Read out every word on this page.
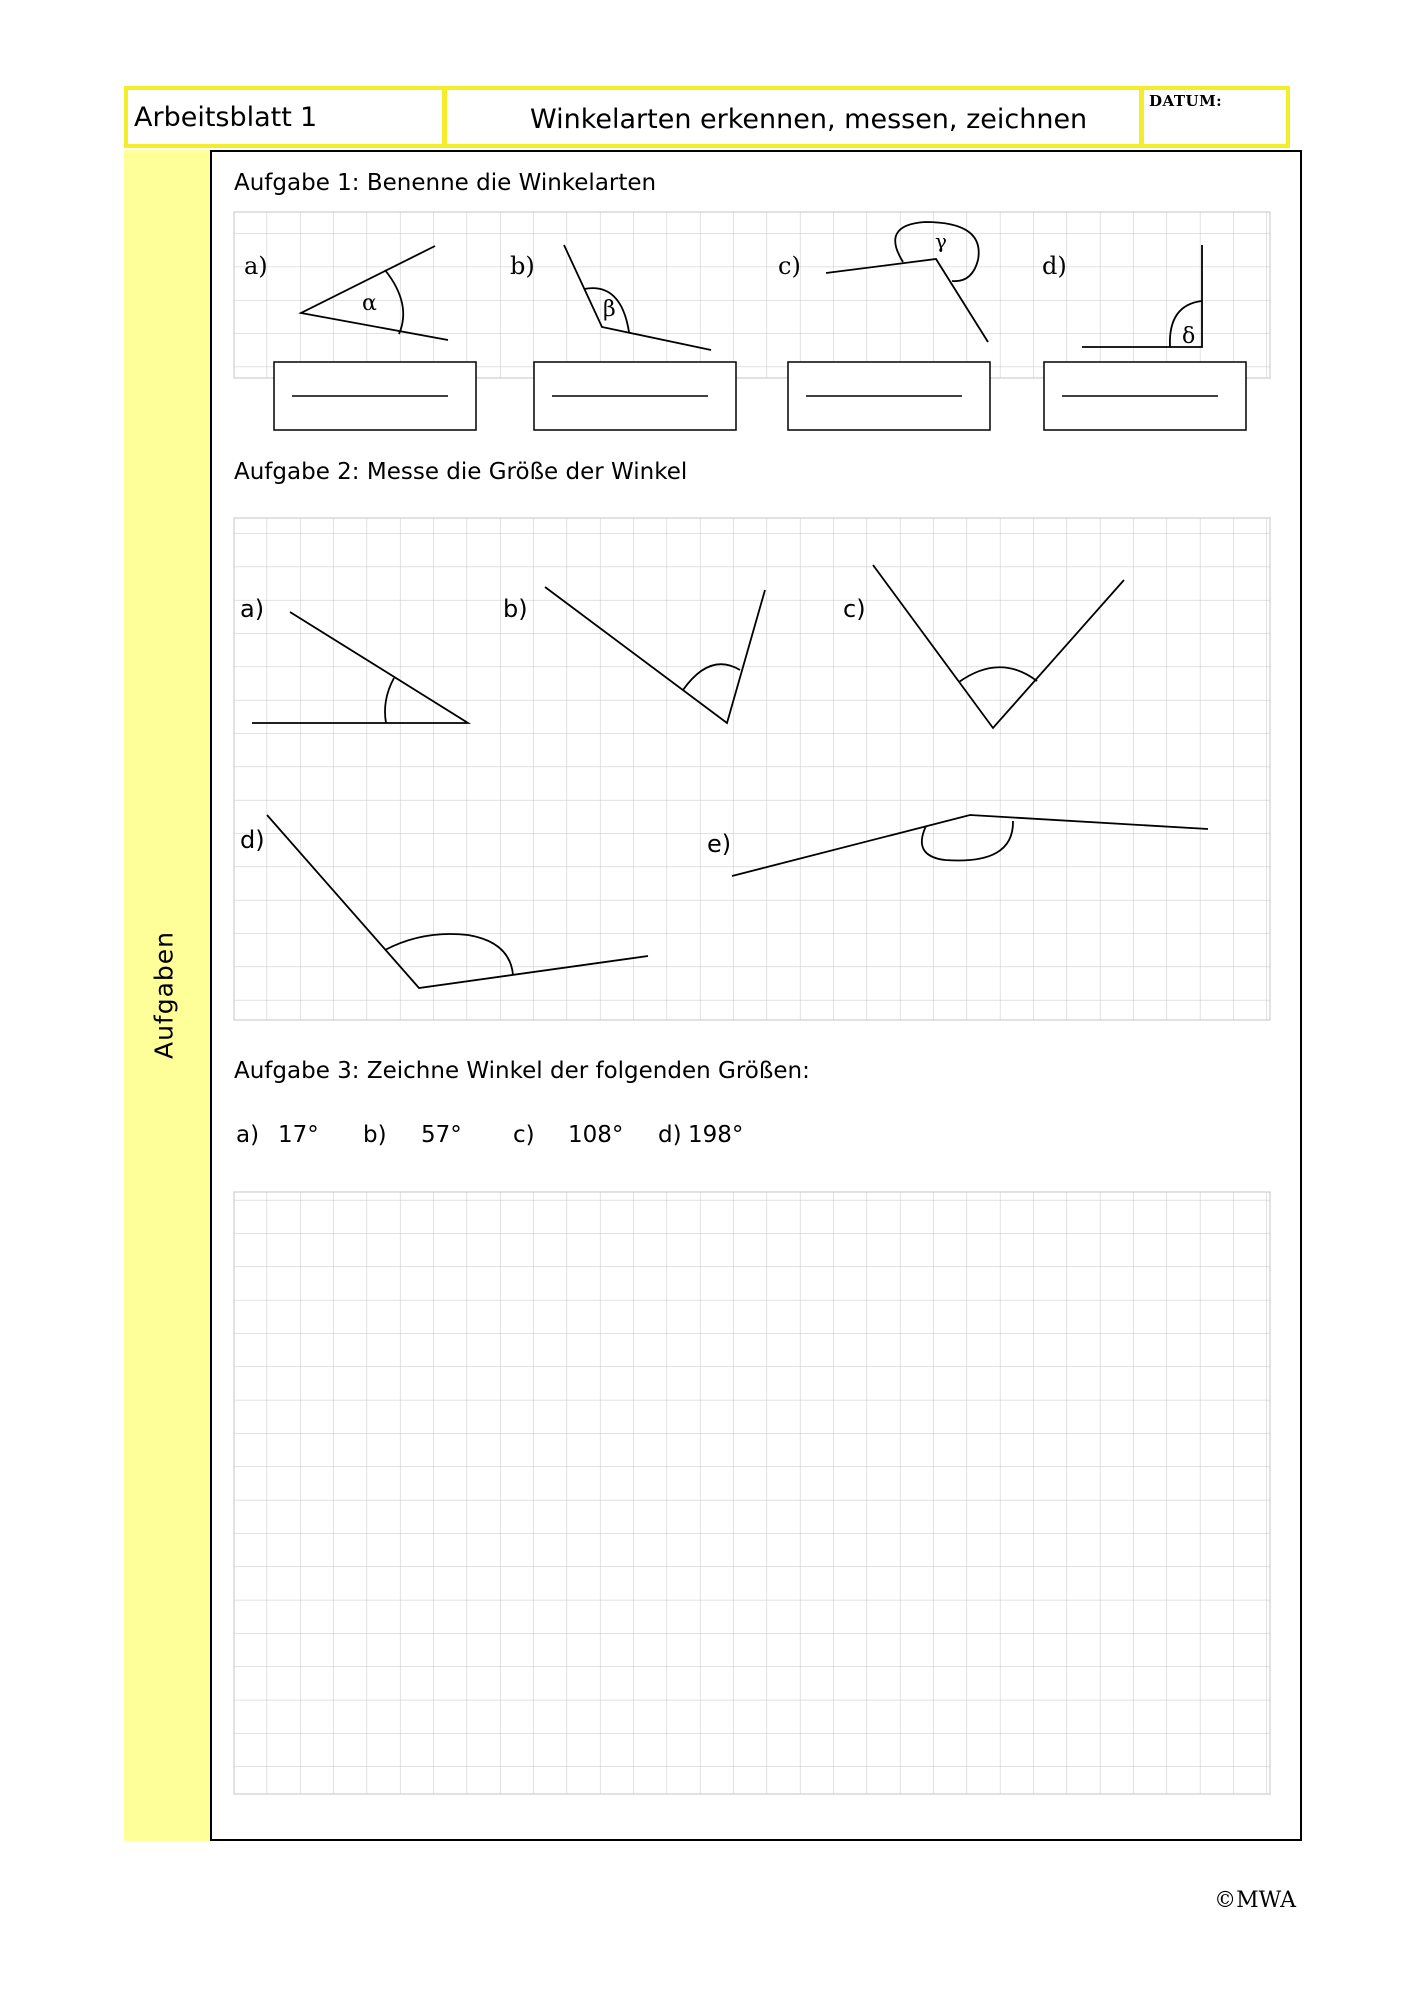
Arbeitsblatt 1	Winkelarten erkennen, messen, zeichnen
DATUM:
Aufgaben
Aufgabe 1: Benenne die Winkelarten
Aufgabe 2: Messe die Größe der Winkel
Aufgabe 3: Zeichne Winkel der folgenden Größen:
a) 17° b) 57° c) 108° d) 198°
©MWA
a)	b)	c)	d)
α	β
γ
δ
a)	b)	c)
d)	e)
